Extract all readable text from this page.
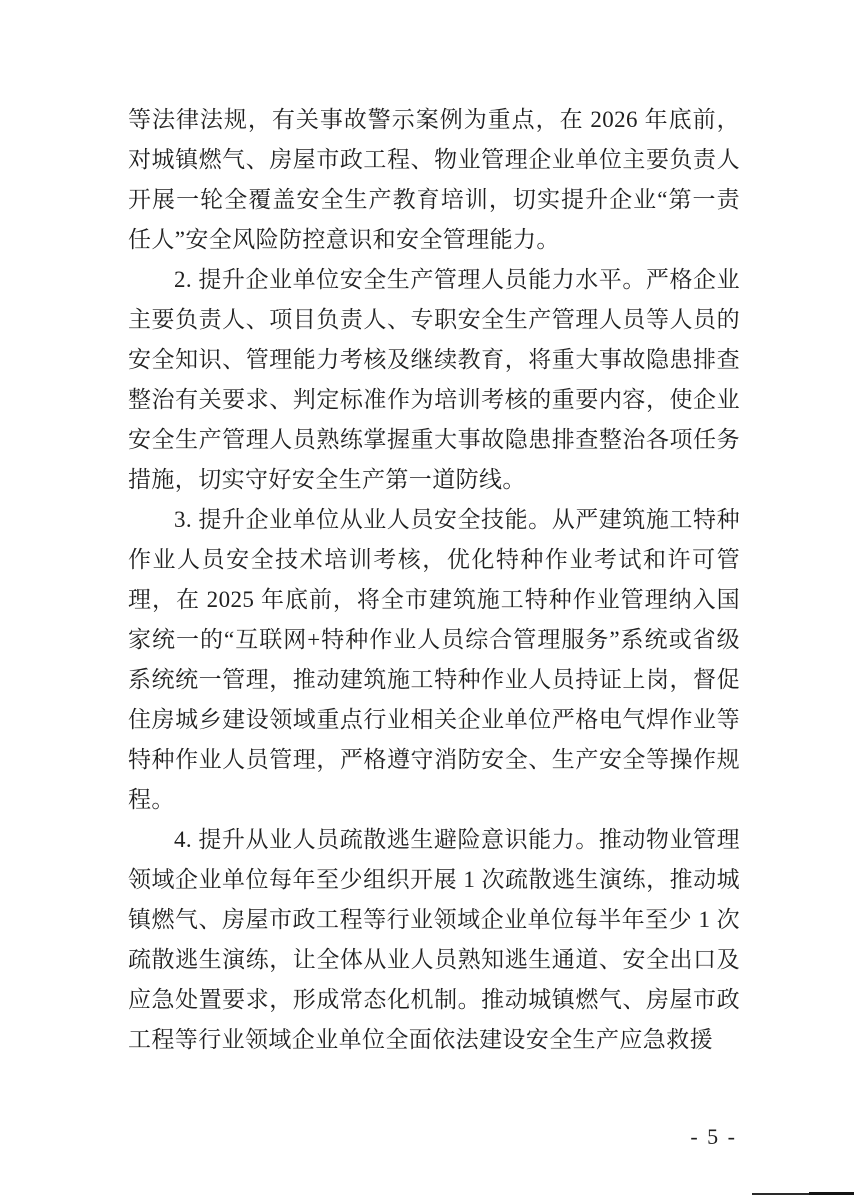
等法律法规，有关事故警示案例为重点，在 2026 年底前，对城镇燃气、房屋市政工程、物业管理企业单位主要负责人开展一轮全覆盖安全生产教育培训，切实提升企业“第一责任人”安全风险防控意识和安全管理能力。

2. 提升企业单位安全生产管理人员能力水平。严格企业主要负责人、项目负责人、专职安全生产管理人员等人员的安全知识、管理能力考核及继续教育，将重大事故隐患排查整治有关要求、判定标准作为培训考核的重要内容，使企业安全生产管理人员熟练掌握重大事故隐患排查整治各项任务措施，切实守好安全生产第一道防线。

3. 提升企业单位从业人员安全技能。从严建筑施工特种作业人员安全技术培训考核，优化特种作业考试和许可管理，在 2025 年底前，将全市建筑施工特种作业管理纳入国家统一的“互联网+特种作业人员综合管理服务”系统或省级系统统一管理，推动建筑施工特种作业人员持证上岗，督促住房城乡建设领域重点行业相关企业单位严格电气焊作业等特种作业人员管理，严格遵守消防安全、生产安全等操作规程。

4. 提升从业人员疏散逃生避险意识能力。推动物业管理领域企业单位每年至少组织开展 1 次疏散逃生演练，推动城镇燃气、房屋市政工程等行业领域企业单位每半年至少 1 次疏散逃生演练，让全体从业人员熟知逃生通道、安全出口及应急处置要求，形成常态化机制。推动城镇燃气、房屋市政工程等行业领域企业单位全面依法建设安全生产应急救援

- 5 -
